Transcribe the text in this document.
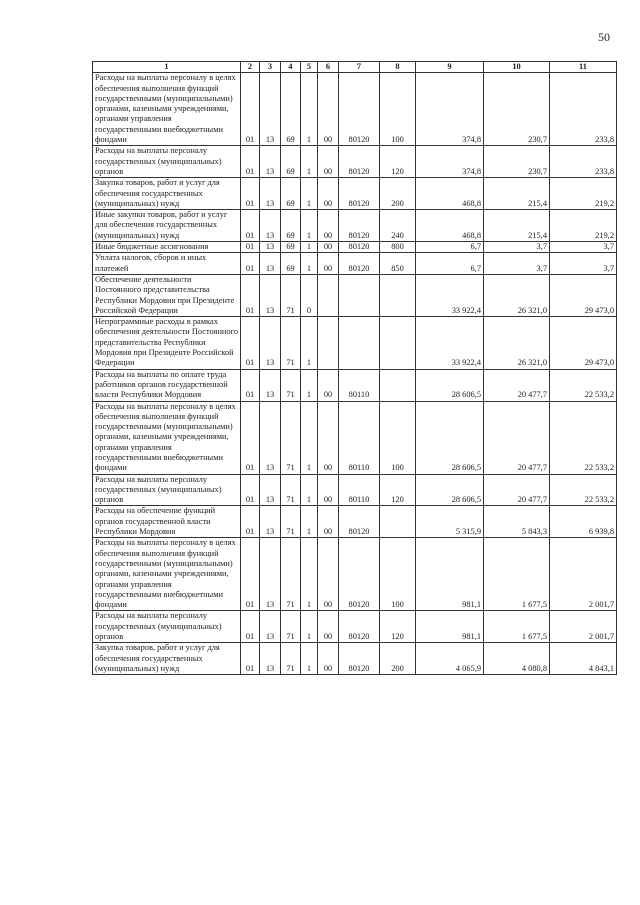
50
1	2	3	4	5	6	7	8	9	10	11
Расходы на выплаты персоналу в целях обеспечения выполнения функций государственными (муниципальными) органами, казенными учреждениями, органами управления государственными внебюджетными фондами	01	13	69	1	00	80120	100	374,8	230,7	233,8
Расходы на выплаты персоналу государственных (муниципальных) органов	01	13	69	1	00	80120	120	374,8	230,7	233,8
Закупка товаров, работ и услуг для обеспечения государственных (муниципальных) нужд	01	13	69	1	00	80120	200	468,8	215,4	219,2
Иные закупки товаров, работ и услуг для обеспечения государственных (муниципальных) нужд	01	13	69	1	00	80120	240	468,8	215,4	219,2
Иные бюджетные ассигнования	01	13	69	1	00	80120	800	6,7	3,7	3,7
Уплата налогов, сборов и иных платежей	01	13	69	1	00	80120	850	6,7	3,7	3,7
Обеспечение деятельности Постоянного представительства Республики Мордовия при Президенте Российской Федерации	01	13	71	0				33 922,4	26 321,0	29 473,0
Непрограммные расходы в рамках обеспечения деятельности Постоянного представительства Республики Мордовия при Президенте Российской Федерации	01	13	71	1				33 922,4	26 321,0	29 473,0
Расходы на выплаты по оплате труда работников органов государственной власти Республики Мордовия	01	13	71	1	00	80110		28 606,5	20 477,7	22 533,2
Расходы на выплаты персоналу в целях обеспечения выполнения функций государственными (муниципальными) органами, казенными учреждениями, органами управления государственными внебюджетными фондами	01	13	71	1	00	80110	100	28 606,5	20 477,7	22 533,2
Расходы на выплаты персоналу государственных (муниципальных) органов	01	13	71	1	00	80110	120	28 606,5	20 477,7	22 533,2
Расходы на обеспечение функций органов государственной власти Республики Мордовия	01	13	71	1	00	80120		5 315,9	5 843,3	6 939,8
Расходы на выплаты персоналу в целях обеспечения выполнения функций государственными (муниципальными) органами, казенными учреждениями, органами управления государственными внебюджетными фондами	01	13	71	1	00	80120	100	981,1	1 677,5	2 001,7
Расходы на выплаты персоналу государственных (муниципальных) органов	01	13	71	1	00	80120	120	981,1	1 677,5	2 001,7
Закупка товаров, работ и услуг для обеспечения государственных (муниципальных) нужд	01	13	71	1	00	80120	200	4 065,9	4 080,8	4 843,1
